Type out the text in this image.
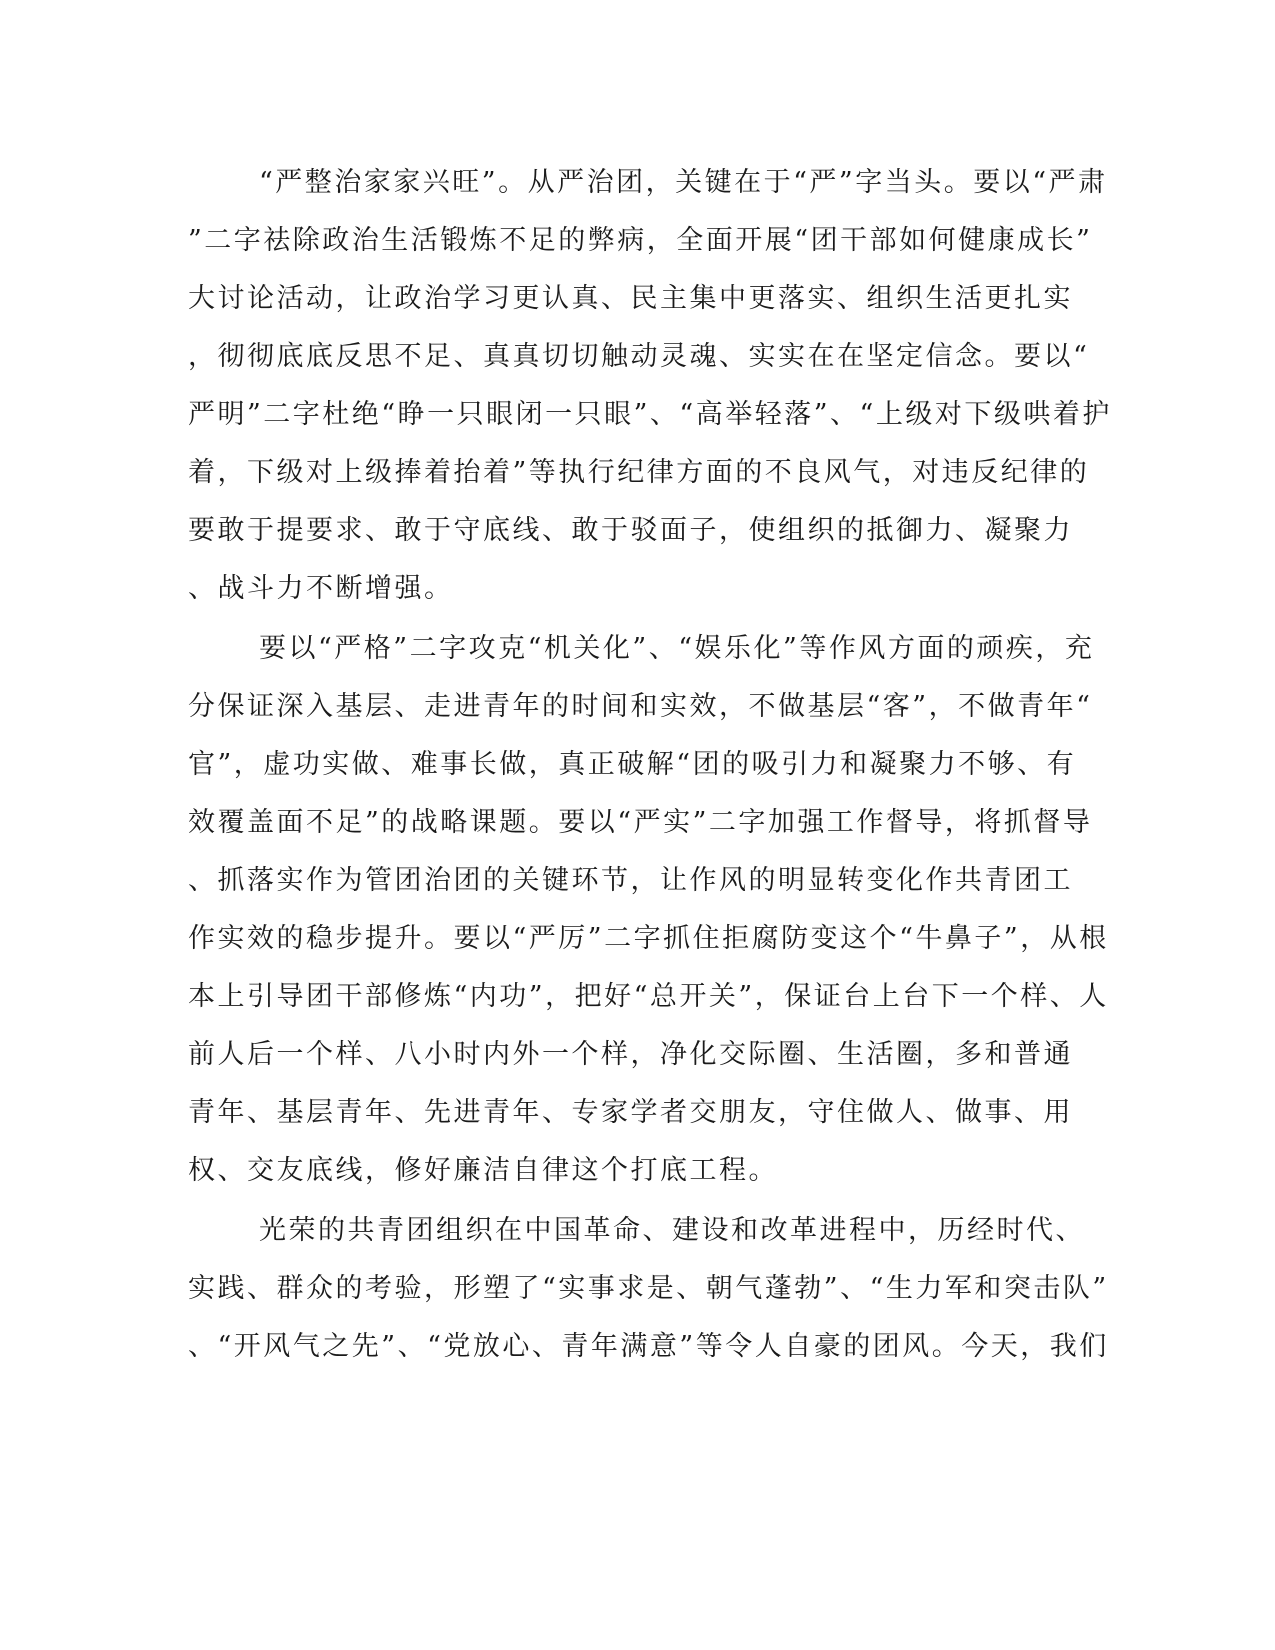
“严整治家家兴旺”。从严治团，关键在于“严”字当头。要以“严肃
”二字祛除政治生活锻炼不足的弊病，全面开展“团干部如何健康成长”
大讨论活动，让政治学习更认真、民主集中更落实、组织生活更扎实
，彻彻底底反思不足、真真切切触动灵魂、实实在在坚定信念。要以“
严明”二字杜绝“睁一只眼闭一只眼”、“高举轻落”、“上级对下级哄着护
着，下级对上级捧着抬着”等执行纪律方面的不良风气，对违反纪律的
要敢于提要求、敢于守底线、敢于驳面子，使组织的抵御力、凝聚力
、战斗力不断增强。
要以“严格”二字攻克“机关化”、“娱乐化”等作风方面的顽疾，充
分保证深入基层、走进青年的时间和实效，不做基层“客”，不做青年“
官”，虚功实做、难事长做，真正破解“团的吸引力和凝聚力不够、有
效覆盖面不足”的战略课题。要以“严实”二字加强工作督导，将抓督导
、抓落实作为管团治团的关键环节，让作风的明显转变化作共青团工
作实效的稳步提升。要以“严厉”二字抓住拒腐防变这个“牛鼻子”，从根
本上引导团干部修炼“内功”，把好“总开关”，保证台上台下一个样、人
前人后一个样、八小时内外一个样，净化交际圈、生活圈，多和普通
青年、基层青年、先进青年、专家学者交朋友，守住做人、做事、用
权、交友底线，修好廉洁自律这个打底工程。
光荣的共青团组织在中国革命、建设和改革进程中，历经时代、
实践、群众的考验，形塑了“实事求是、朝气蓬勃”、“生力军和突击队”
、“开风气之先”、“党放心、青年满意”等令人自豪的团风。今天，我们
